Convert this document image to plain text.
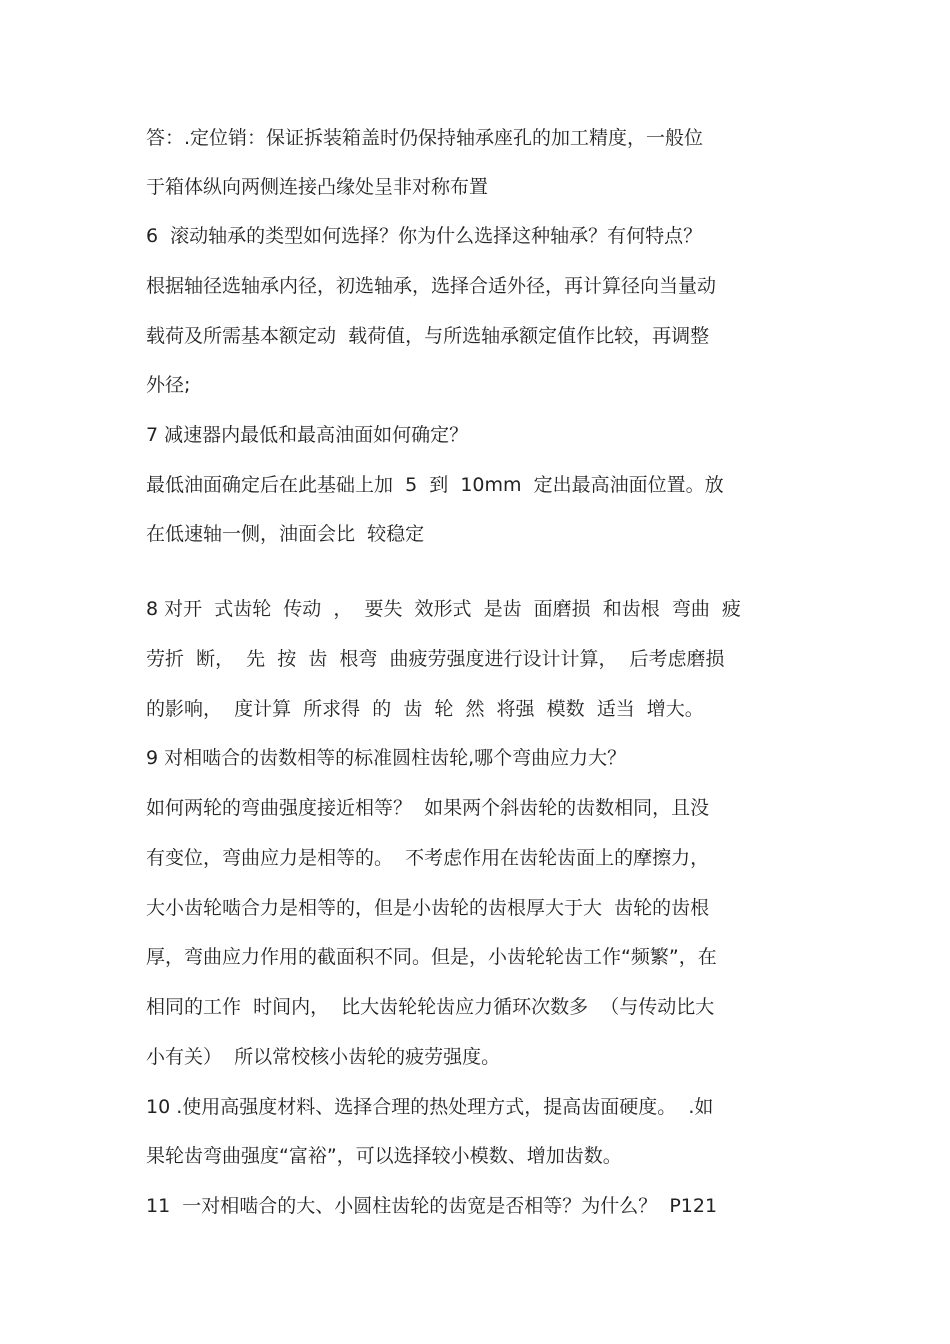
答：.定位销：保证拆装箱盖时仍保持轴承座孔的加工精度，一般位
于箱体纵向两侧连接凸缘处呈非对称布置
6  滚动轴承的类型如何选择？你为什么选择这种轴承？有何特点？
根据轴径选轴承内径，初选轴承，选择合适外径，再计算径向当量动
载荷及所需基本额定动  载荷值，与所选轴承额定值作比较，再调整
外径;
7 减速器内最低和最高油面如何确定？
最低油面确定后在此基础上加  5  到  10mm  定出最高油面位置。放
在低速轴一侧，油面会比  较稳定
8 对开  式齿轮  传动  ，  要失  效形式  是齿  面磨损  和齿根  弯曲  疲
劳折  断，  先  按  齿  根弯  曲疲劳强度进行设计计算，  后考虑磨损
的影响，  度计算  所求得  的  齿  轮  然  将强  模数  适当  增大。
9 对相啮合的齿数相等的标准圆柱齿轮,哪个弯曲应力大？
如何两轮的弯曲强度接近相等？  如果两个斜齿轮的齿数相同，且没
有变位，弯曲应力是相等的。  不考虑作用在齿轮齿面上的摩擦力，
大小齿轮啮合力是相等的，但是小齿轮的齿根厚大于大  齿轮的齿根
厚，弯曲应力作用的截面积不同。但是，小齿轮轮齿工作“频繁”，在
相同的工作  时间内，  比大齿轮轮齿应力循环次数多  （与传动比大
小有关）  所以常校核小齿轮的疲劳强度。
10 .使用高强度材料、选择合理的热处理方式，提高齿面硬度。  .如
果轮齿弯曲强度“富裕”，可以选择较小模数、增加齿数。
11  一对相啮合的大、小圆柱齿轮的齿宽是否相等？为什么？  P121
